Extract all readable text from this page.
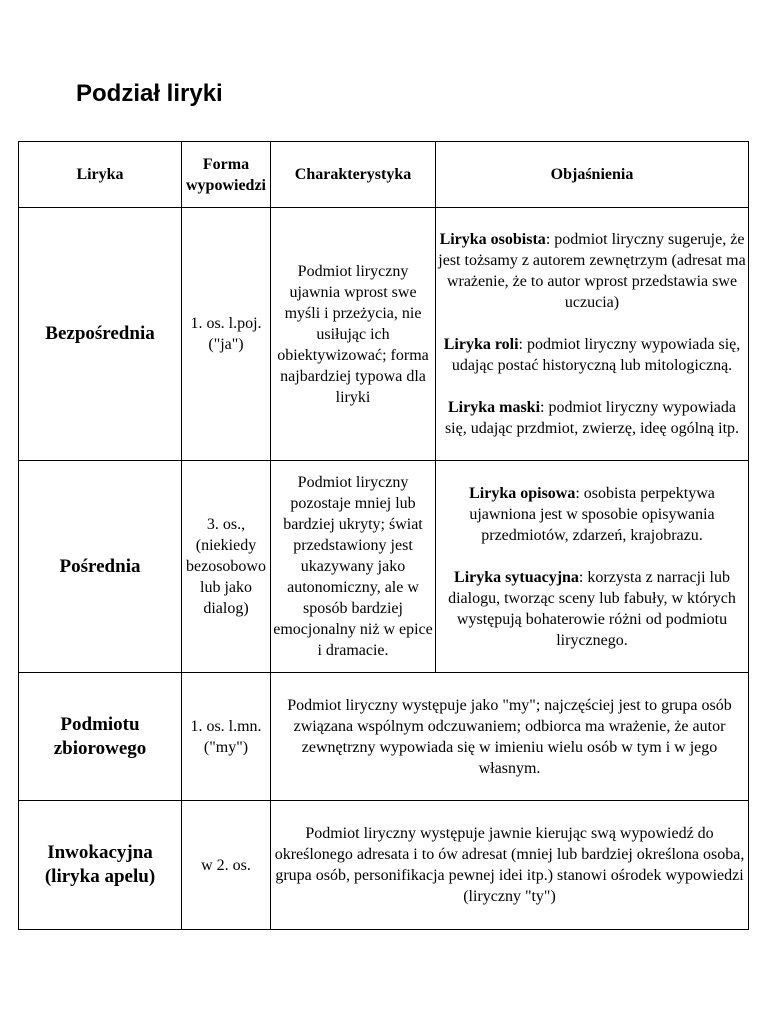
Podział liryki
Liryka	Forma wypowiedzi	Charakterystyka	Objaśnienia
Bezpośrednia	1. os. l.poj. ("ja")	Podmiot liryczny ujawnia wprost swe myśli i przeżycia, nie usiłując ich obiektywizować; forma najbardziej typowa dla liryki	Liryka osobista: podmiot liryczny sugeruje, że jest tożsamy z autorem zewnętrzym (adresat ma wrażenie, że to autor wprost przedstawia swe uczucia)

Liryka roli: podmiot liryczny wypowiada się, udając postać historyczną lub mitologiczną.

Liryka maski: podmiot liryczny wypowiada się, udając przdmiot, zwierzę, ideę ogólną itp.

Pośrednia	3. os., (niekiedy bezosobowo lub jako dialog)	Podmiot liryczny pozostaje mniej lub bardziej ukryty; świat przedstawiony jest ukazywany jako autonomiczny, ale w sposób bardziej emocjonalny niż w epice i dramacie.	Liryka opisowa: osobista perpektywa ujawniona jest w sposobie opisywania przedmiotów, zdarzeń, krajobrazu.

Liryka sytuacyjna: korzysta z narracji lub dialogu, tworząc sceny lub fabuły, w których występują bohaterowie różni od podmiotu lirycznego.

Podmiotu zbiorowego	1. os. l.mn. ("my")	Podmiot liryczny występuje jako "my"; najczęściej jest to grupa osób związana wspólnym odczuwaniem; odbiorca ma wrażenie, że autor zewnętrzny wypowiada się w imieniu wielu osób w tym i w jego własnym.	
Inwokacyjna (liryka apelu)	w 2. os.	Podmiot liryczny występuje jawnie kierując swą wypowiedź do określonego adresata i to ów adresat (mniej lub bardziej określona osoba, grupa osób, personifikacja pewnej idei itp.) stanowi ośrodek wypowiedzi (liryczny "ty")	
